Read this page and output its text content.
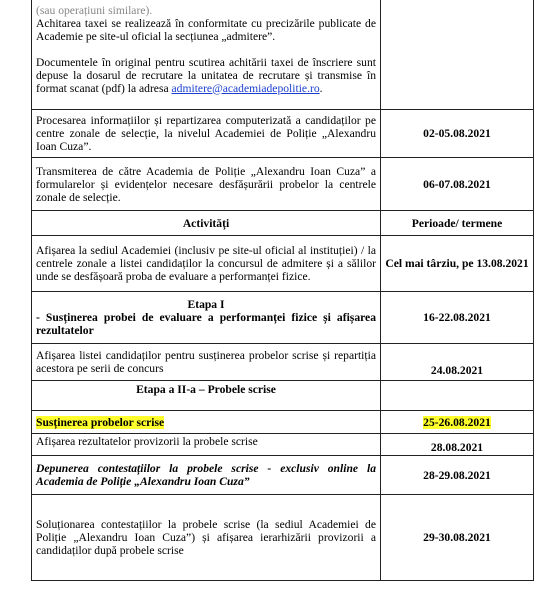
(sau operațiuni similare).

Achitarea taxei se realizează în conformitate cu precizările publicate de Academie pe site-ul oficial la secțiunea „admitere”.

Documentele în original pentru scutirea achitării taxei de înscriere sunt depuse la dosarul de recrutare la unitatea de recrutare și transmise în format scanat (pdf) la adresa admitere@academiadepolitie.ro.	

Procesarea informațiilor și repartizarea computerizată a candidaților pe centre zonale de selecție, la nivelul Academiei de Poliție „Alexandru Ioan Cuza”.	02-05.08.2021
Transmiterea de către Academia de Poliție „Alexandru Ioan Cuza” a formularelor și evidențelor necesare desfășurării probelor la centrele zonale de selecție.	06-07.08.2021
Activități	Perioade/ termene
Afișarea la sediul Academiei (inclusiv pe site-ul oficial al instituției) / la centrele zonale a listei candidaților la concursul de admitere și a sălilor unde se desfășoară proba de evaluare a performanței fizice.	Cel mai târziu, pe 13.08.2021

Etapa I

- Susținerea probei de evaluare a performanței fizice și afișarea rezultatelor	16-22.08.2021
Afișarea listei candidaților pentru susținerea probelor scrise și repartiția acestora pe serii de concurs	24.08.2021
Etapa a II-a – Probele scrise	
Susținerea probelor scrise	25-26.08.2021
Afișarea rezultatelor provizorii la probele scrise	28.08.2021
Depunerea contestațiilor la probele scrise - exclusiv online la Academia de Poliție „Alexandru Ioan Cuza”	28-29.08.2021
Soluționarea contestațiilor la probele scrise (la sediul Academiei de Poliție „Alexandru Ioan Cuza”) și afișarea ierarhizării provizorii a candidaților după probele scrise	29-30.08.2021
